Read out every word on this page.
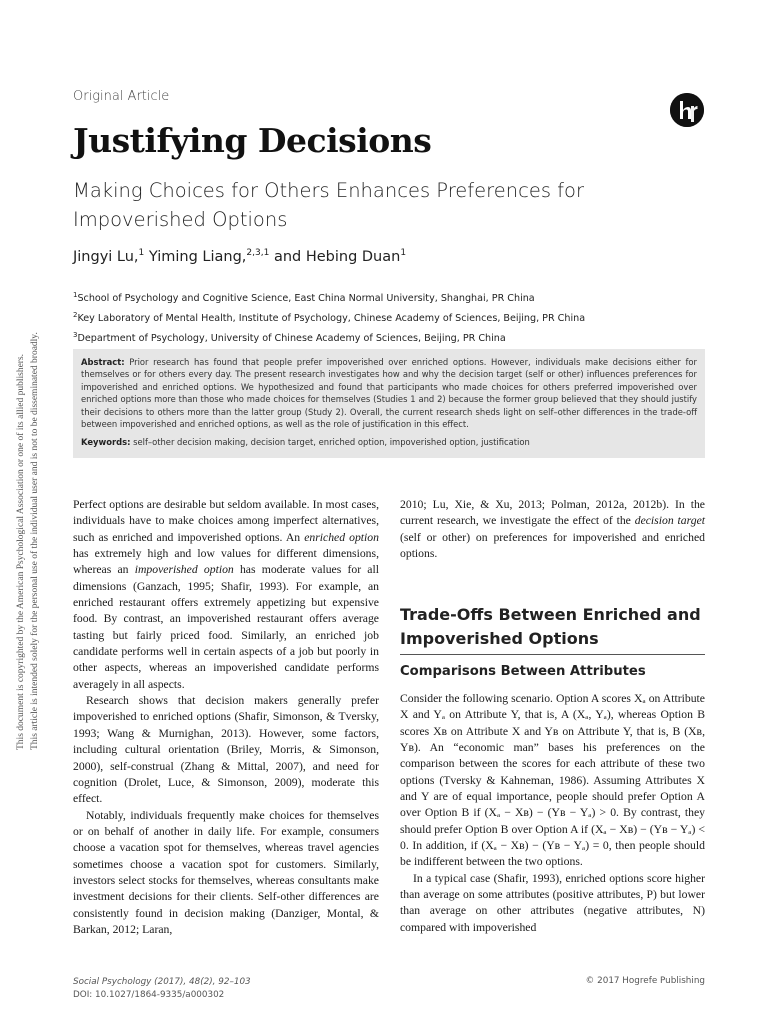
This document is copyrighted by the American Psychological Association or one of its allied publishers. This article is intended solely for the personal use of the individual user and is not to be disseminated broadly.
Original Article
Justifying Decisions

Making Choices for Others Enhances Preferences for Impoverished Options

Jingyi Lu,$^1$ Yiming Liang,$^{2,3,1}$ and Hebing Duan$^1$
$^1$School of Psychology and Cognitive Science, East China Normal University, Shanghai, PR China
$^2$Key Laboratory of Mental Health, Institute of Psychology, Chinese Academy of Sciences, Beijing, PR China
$^3$Department of Psychology, University of Chinese Academy of Sciences, Beijing, PR China

Abstract: Prior research has found that people prefer impoverished over enriched options. However, individuals make decisions either for themselves or for others every day. The present research investigates how and why the decision target (self or other) influences preferences for impoverished and enriched options. We hypothesized and found that participants who made choices for others preferred impoverished over enriched options more than those who made choices for themselves (Studies 1 and 2) because the former group believed that they should justify their decisions to others more than the latter group (Study 2). Overall, the current research sheds light on self–other differences in the trade-off between impoverished and enriched options, as well as the role of justification in this effect.

Keywords: self–other decision making, decision target, enriched option, impoverished option, justification

Perfect options are desirable but seldom available. In most cases, individuals have to make choices among imperfect alternatives, such as enriched and impoverished options. An enriched option has extremely high and low values for different dimensions, whereas an impoverished option has moderate values for all dimensions (Ganzach, 1995; Shafir, 1993). For example, an enriched restaurant offers extremely appetizing but expensive food. By contrast, an impoverished restaurant offers average tasting but fairly priced food. Similarly, an enriched job candidate performs well in certain aspects of a job but poorly in other aspects, whereas an impoverished candidate performs averagely in all aspects.

Research shows that decision makers generally prefer impoverished to enriched options (Shafir, Simonson, & Tversky, 1993; Wang & Murnighan, 2013). However, some factors, including cultural orientation (Briley, Morris, & Simonson, 2000), self-construal (Zhang & Mittal, 2007), and need for cognition (Drolet, Luce, & Simonson, 2009), moderate this effect.

Notably, individuals frequently make choices for themselves or on behalf of another in daily life. For example, consumers choose a vacation spot for themselves, whereas travel agencies sometimes choose a vacation spot for customers. Similarly, investors select stocks for themselves, whereas consultants make investment decisions for their clients. Self-other differences are consistently found in decision making (Danziger, Montal, & Barkan, 2012; Laran,

2010; Lu, Xie, & Xu, 2013; Polman, 2012a, 2012b). In the current research, we investigate the effect of the decision target (self or other) on preferences for impoverished and enriched options.

Trade-Offs Between Enriched and Impoverished Options
Comparisons Between Attributes

Consider the following scenario. Option A scores Xₐ on Attribute X and Yₐ on Attribute Y, that is, A (Xₐ, Yₐ), whereas Option B scores Xʙ on Attribute X and Yʙ on Attribute Y, that is, B (Xʙ, Yʙ). An “economic man” bases his preferences on the comparison between the scores for each attribute of these two options (Tversky & Kahneman, 1986). Assuming Attributes X and Y are of equal importance, people should prefer Option A over Option B if (Xₐ − Xʙ) − (Yʙ − Yₐ) > 0. By contrast, they should prefer Option B over Option A if (Xₐ − Xʙ) − (Yʙ − Yₐ) < 0. In addition, if (Xₐ − Xʙ) − (Yʙ − Yₐ) = 0, then people should be indifferent between the two options.

In a typical case (Shafir, 1993), enriched options score higher than average on some attributes (positive attributes, P) but lower than average on other attributes (negative attributes, N) compared with impoverished

Social Psychology (2017), 48(2), 92–103
DOI: 10.1027/1864-9335/a000302
© 2017 Hogrefe Publishing
